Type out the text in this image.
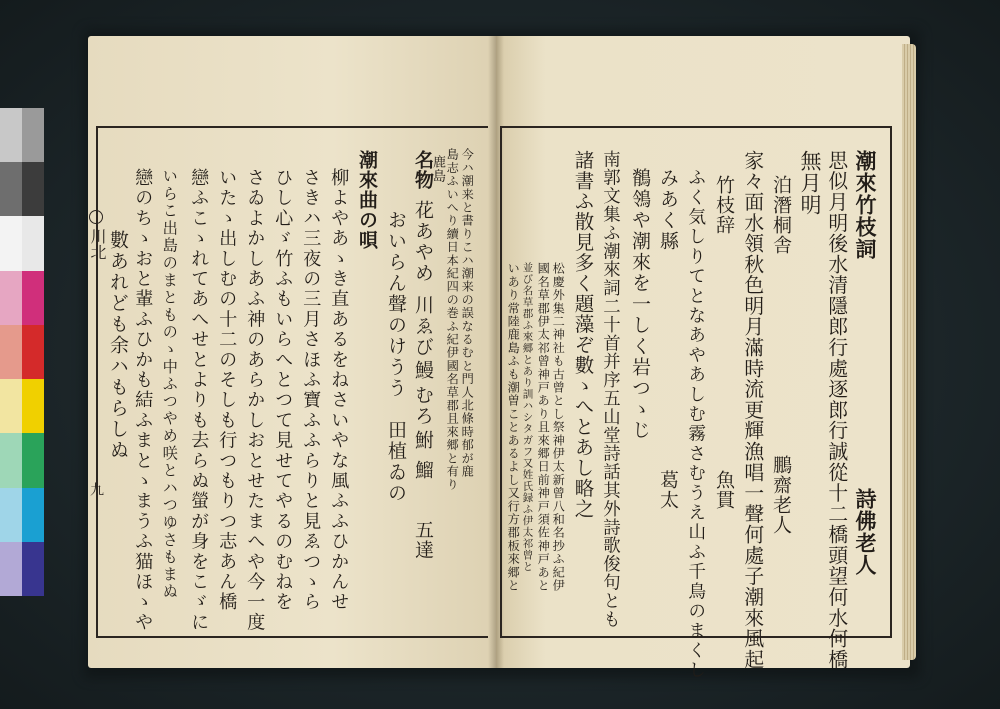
川北
九	詩佛老人
潮來竹枝詞
思似月明後水清隱郎行處逐郎行誠從十二橋頭望何水何橋
無月明
泊潛桐舎
鵬齋老人
家々面水領秋色明月滿時流更輝漁唱一聲何處子潮來風起
竹枝辞
魚貫
ふく気しりてとなあやあしむ霧さむうえ山ふ千鳥のまくし
みあく縣
葛太
鶺鴒や潮來を一しく岩つゝじ
南郭文集ふ潮來詞二十首并序五山堂詩話其外詩歌俊句とも
諸書ふ散見多く題藻ぞ數ゝへとあし略之
松慶外集二神社も古曾とし祭神伊太新曾八和名抄ふ紀伊
國名草郡伊太祁曾神戸あり且來郷日前神戸須佐神戸あと
並び名草郡ふ來郷とあり訓ハシタガフ又姓氏録ふ伊太祁曾と
いあり常陸鹿島ふも潮曽ことあるよし又行方郡板來郷と
今ハ潮来と書りこハ潮来の誤なるむと門人北條時郁が鹿
島志ふいへり續日本紀四の巻ふ紀伊國名草郡且來郷と有り
名物
五達
鹿島
花あやめ
川ゑび
鰻
むろ
鮒
鰡
おいらん聲のけうう
田植ゐの
潮來曲の唄
柳よやあゝき直あるをねさいやな風ふふひかんせ
さきハ三夜の三月さほふ寶ふふらりと見ゑつゝら
ひし心ゞ竹ふもいらへとつて見せてやるのむねを
さゐよかしあふ神のあらかしおとせたまへや今一度
いたゝ出しむの十二のそしも行つもりつ志あん橋
戀ふこゝれてあへせとよりも去らぬ螢が身をこゞに
いらこ出島のまとものゝ中ふつやめ咲とハつゆさもまぬ
戀のちゝおと輩ふひかも結ふまとゝまうふ猫ほゝや
數あれども余ハもらしぬ
